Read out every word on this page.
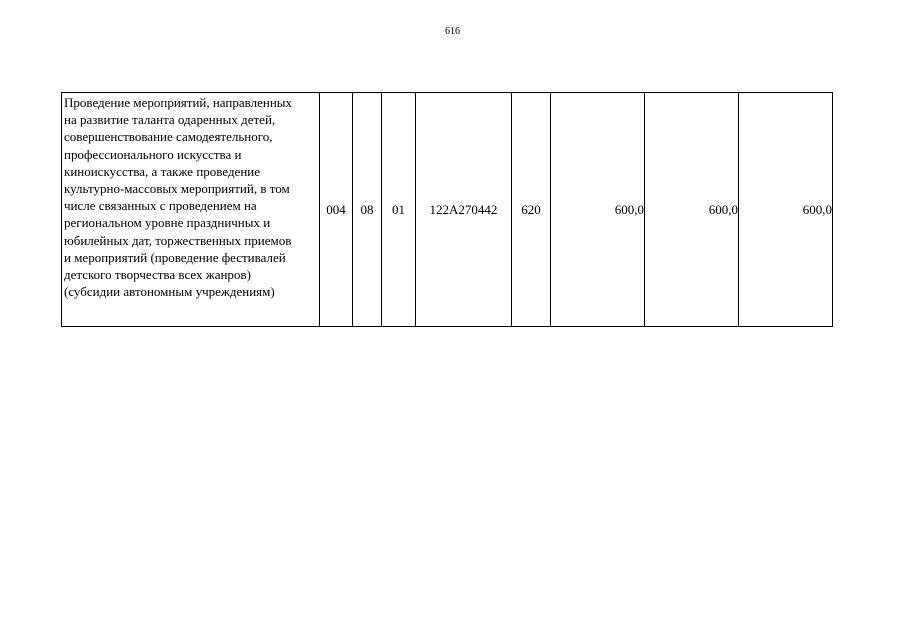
616
Проведение мероприятий, направленных
на развитие таланта одаренных детей,
совершенствование самодеятельного,
профессионального искусства и
киноискусства, а также проведение
культурно-массовых мероприятий, в том
числе связанных с проведением на
региональном уровне праздничных и
юбилейных дат, торжественных приемов
и мероприятий (проведение фестивалей
детского творчества всех жанров)
(субсидии автономным учреждениям)
	004	08	01	122А270442	620	600,0	600,0	600,0
